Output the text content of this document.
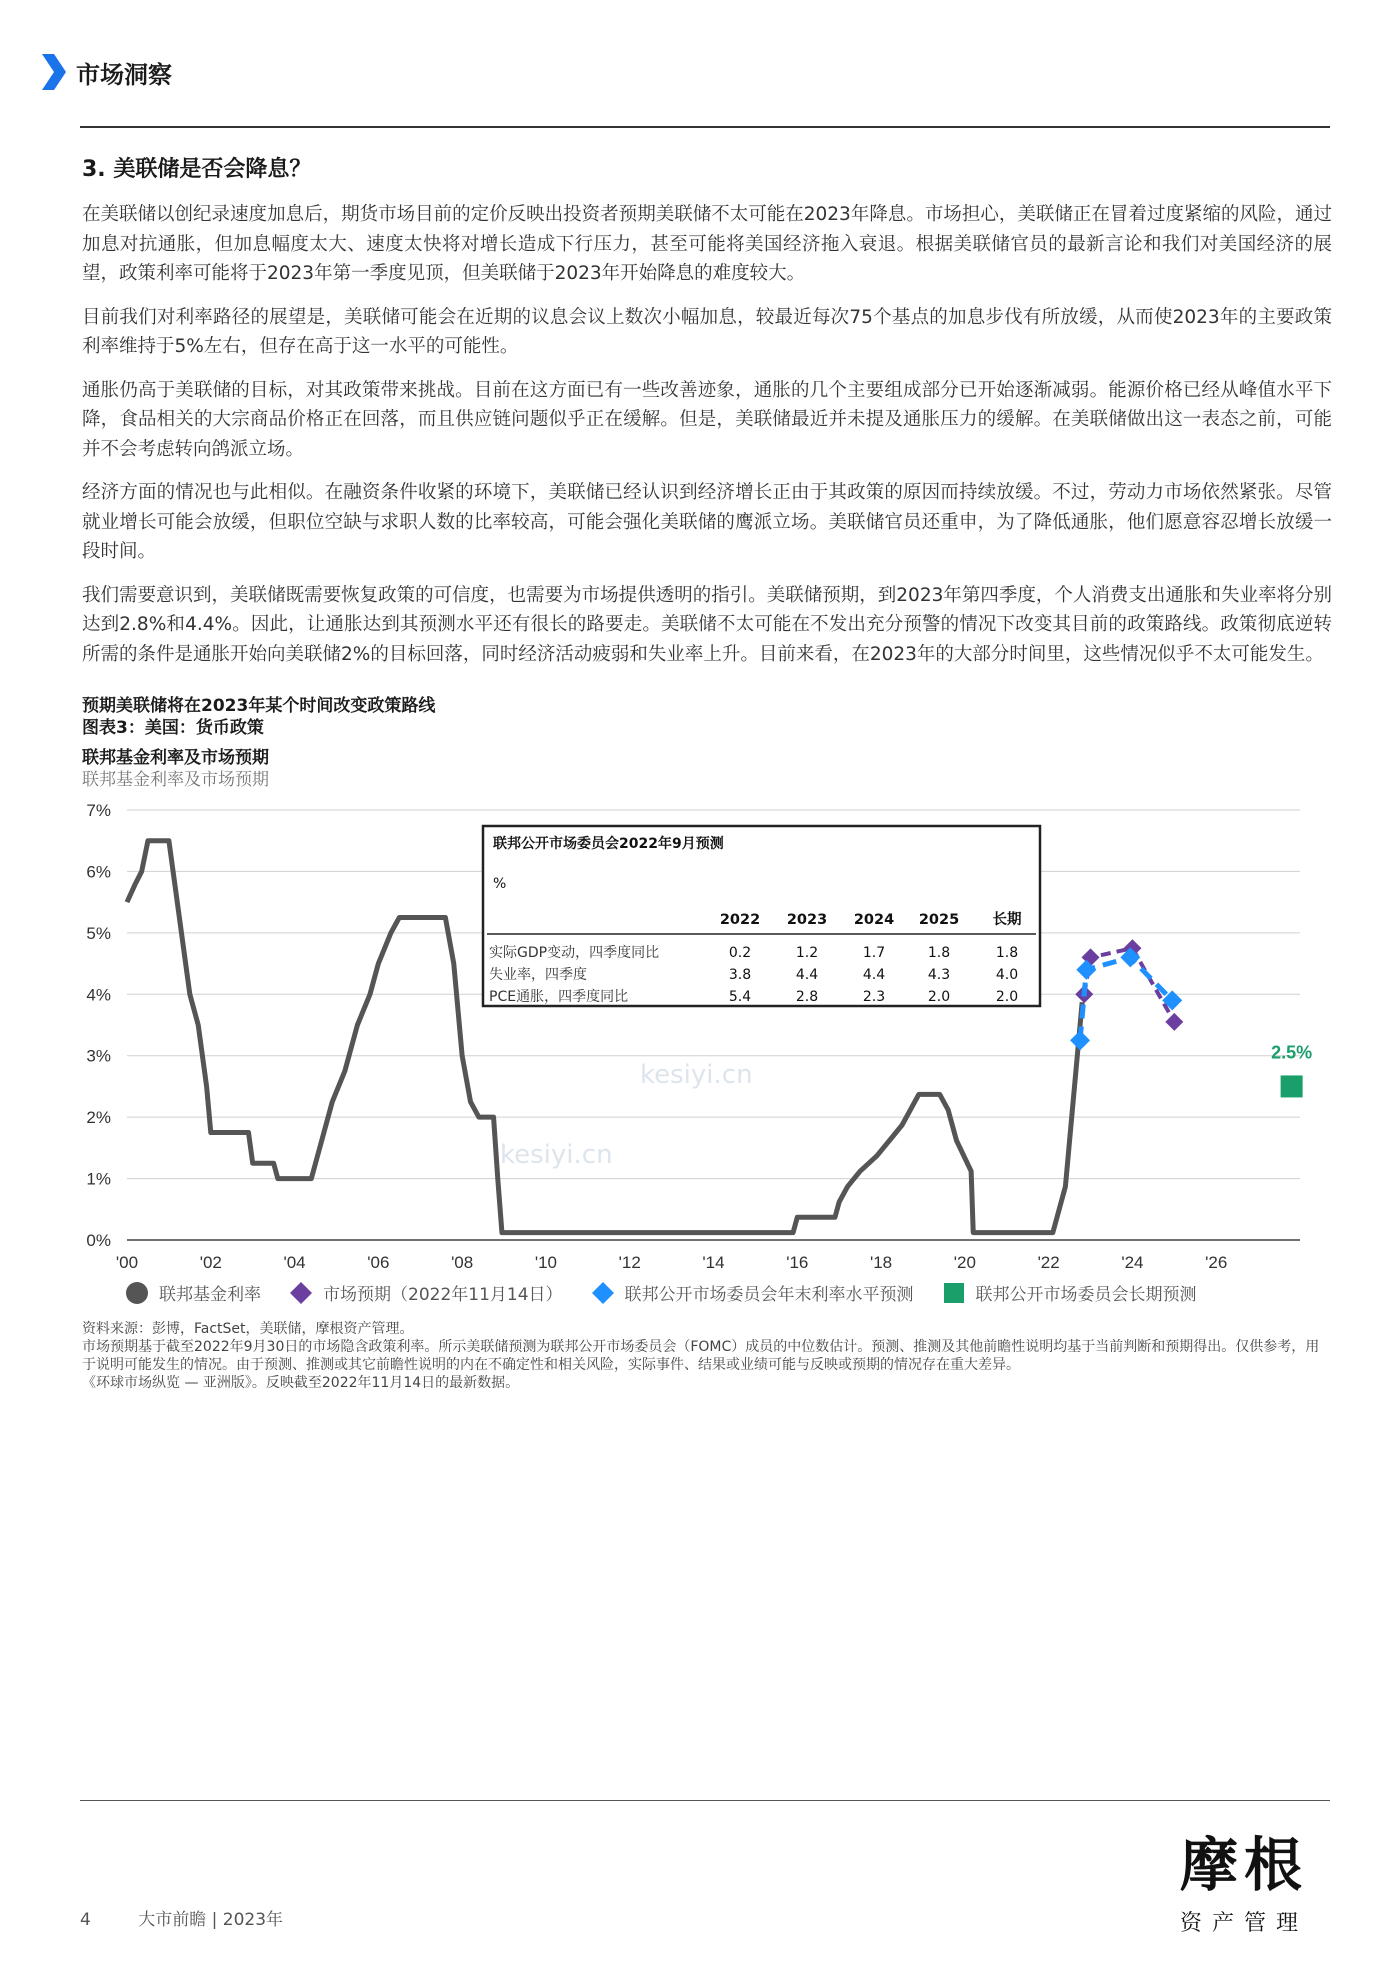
市场洞察
3. 美联储是否会降息？

在美联储以创纪录速度加息后，期货市场目前的定价反映出投资者预期美联储不太可能在2023年降息。市场担心，美联储正在冒着过度紧缩的风险，通过加息对抗通胀，但加息幅度太大、速度太快将对增长造成下行压力，甚至可能将美国经济拖入衰退。根据美联储官员的最新言论和我们对美国经济的展望，政策利率可能将于2023年第一季度见顶，但美联储于2023年开始降息的难度较大。

目前我们对利率路径的展望是，美联储可能会在近期的议息会议上数次小幅加息，较最近每次75个基点的加息步伐有所放缓，从而使2023年的主要政策利率维持于5%左右，但存在高于这一水平的可能性。

通胀仍高于美联储的目标，对其政策带来挑战。目前在这方面已有一些改善迹象，通胀的几个主要组成部分已开始逐渐减弱。能源价格已经从峰值水平下降，食品相关的大宗商品价格正在回落，而且供应链问题似乎正在缓解。但是，美联储最近并未提及通胀压力的缓解。在美联储做出这一表态之前，可能并不会考虑转向鸽派立场。

经济方面的情况也与此相似。在融资条件收紧的环境下，美联储已经认识到经济增长正由于其政策的原因而持续放缓。不过，劳动力市场依然紧张。尽管就业增长可能会放缓，但职位空缺与求职人数的比率较高，可能会强化美联储的鹰派立场。美联储官员还重申，为了降低通胀，他们愿意容忍增长放缓一段时间。

我们需要意识到，美联储既需要恢复政策的可信度，也需要为市场提供透明的指引。美联储预期，到2023年第四季度，个人消费支出通胀和失业率将分别达到2.8%和4.4%。因此，让通胀达到其预测水平还有很长的路要走。美联储不太可能在不发出充分预警的情况下改变其目前的政策路线。政策彻底逆转所需的条件是通胀开始向美联储2%的目标回落，同时经济活动疲弱和失业率上升。目前来看，在2023年的大部分时间里，这些情况似乎不太可能发生。

预期美联储将在2023年某个时间改变政策路线
图表3：美国：货币政策
联邦基金利率及市场预期
联邦基金利率及市场预期
kesiyi.cn
kesiyi.cn
7%
6%
5%
4%
3%
2%
1%
0%
'00	'02	'04	'06	'08	'10	'12	'14	'16	'18	'20	'22	'24	'26
2.5%
联邦公开市场委员会2022年9月预测
%
2022 2023 2024 2025 长期
实际GDP变动，四季度同比	0.2	1.2	1.7	1.8	1.8
失业率，四季度	3.8	4.4	4.4	4.3	4.0
PCE通胀，四季度同比	5.4	2.8	2.3	2.0	2.0
联邦基金利率	市场预期（2022年11月14日）	联邦公开市场委员会年末利率水平预测	联邦公开市场委员会长期预测
资料来源：彭博，FactSet，美联储，摩根资产管理。
市场预期基于截至2022年9月30日的市场隐含政策利率。所示美联储预测为联邦公开市场委员会（FOMC）成员的中位数估计。预测、推测及其他前瞻性说明均基于当前判断和预期得出。仅供参考，用于说明可能发生的情况。由于预测、推测或其它前瞻性说明的内在不确定性和相关风险，实际事件、结果或业绩可能与反映或预期的情况存在重大差异。
《环球市场纵览 — 亚洲版》。反映截至2022年11月14日的最新数据。
4	大市前瞻 | 2023年
摩根
资产管理
